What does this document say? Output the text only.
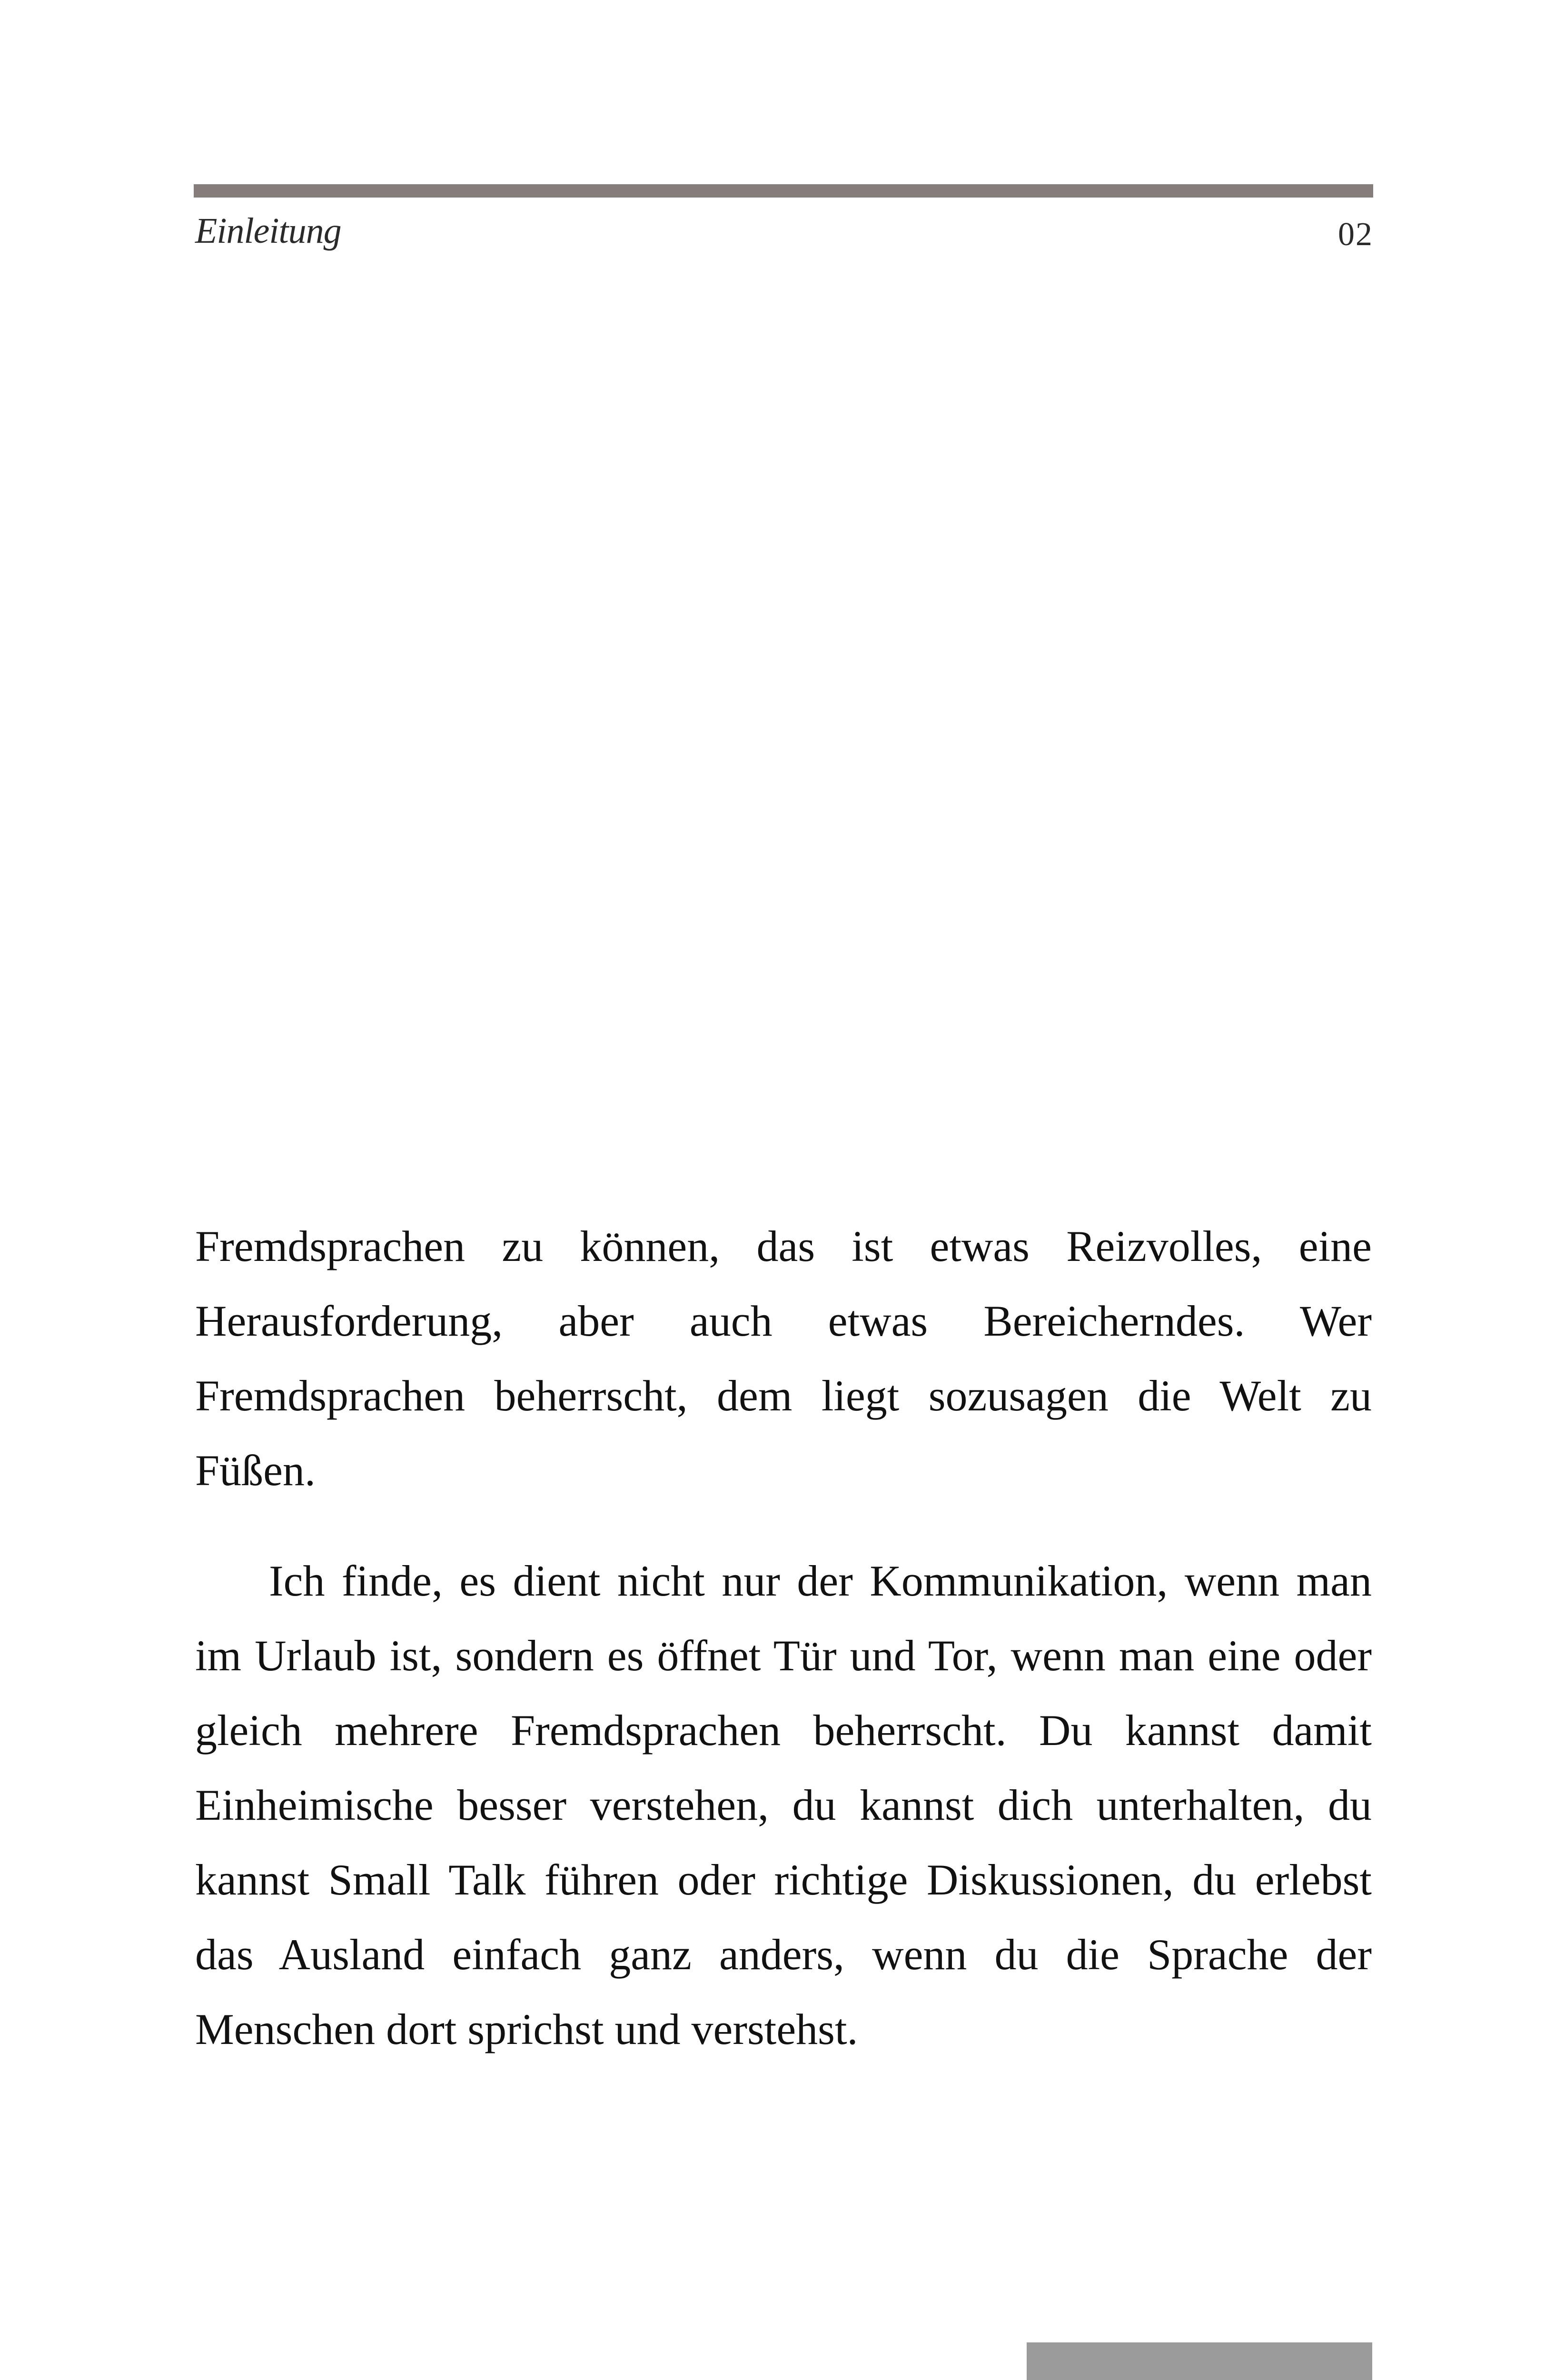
Einleitung	02

Fremdsprachen zu können, das ist etwas Reizvolles, eine Herausforderung, aber auch etwas Bereicherndes. Wer Fremdsprachen beherrscht, dem liegt sozusagen die Welt zu Füßen.

Ich finde, es dient nicht nur der Kommunikation, wenn man im Urlaub ist, sondern es öffnet Tür und Tor, wenn man eine oder gleich mehrere Fremdsprachen beherrscht. Du kannst damit Einheimische besser verstehen, du kannst dich unterhalten, du kannst Small Talk führen oder richtige Diskussionen, du erlebst das Ausland einfach ganz anders, wenn du die Sprache der Menschen dort sprichst und verstehst.
